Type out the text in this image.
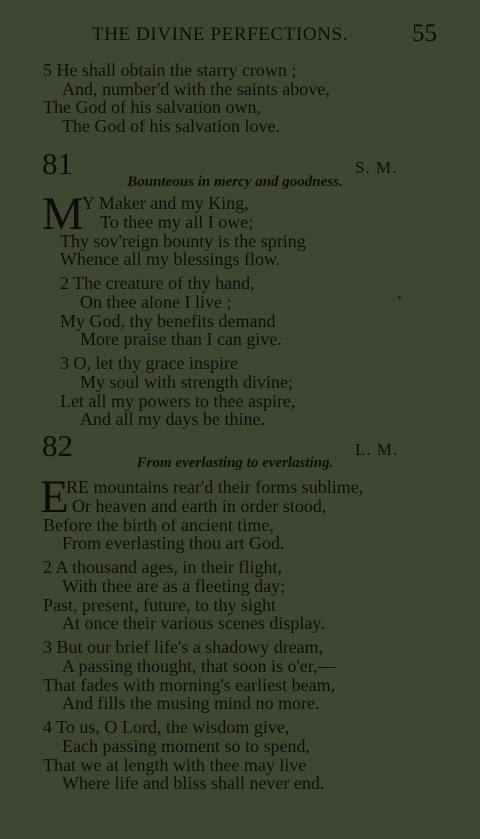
THE DIVINE PERFECTIONS.	55
5 He shall obtain the starry crown ;
And, number'd with the saints above,
The God of his salvation own,
The God of his salvation love.
81	S. M.
Bounteous in mercy and goodness.
M
Y Maker and my King,
To thee my all I owe;
Thy sov'reign bounty is the spring
Whence all my blessings flow.
2 The creature of thy hand,
On thee alone I live ;
My God, thy benefits demand
More praise than I can give.
3 O, let thy grace inspire
My soul with strength divine;
Let all my powers to thee aspire,
And all my days be thine.
82	L. M.
From everlasting to everlasting.
E
RE mountains rear'd their forms sublime,
Or heaven and earth in order stood,
Before the birth of ancient time,
From everlasting thou art God.
2 A thousand ages, in their flight,
With thee are as a fleeting day;
Past, present, future, to thy sight
At once their various scenes display.
3 But our brief life's a shadowy dream,
A passing thought, that soon is o'er,—
That fades with morning's earliest beam,
And fills the musing mind no more.
4 To us, O Lord, the wisdom give,
Each passing moment so to spend,
That we at length with thee may live
Where life and bliss shall never end.
